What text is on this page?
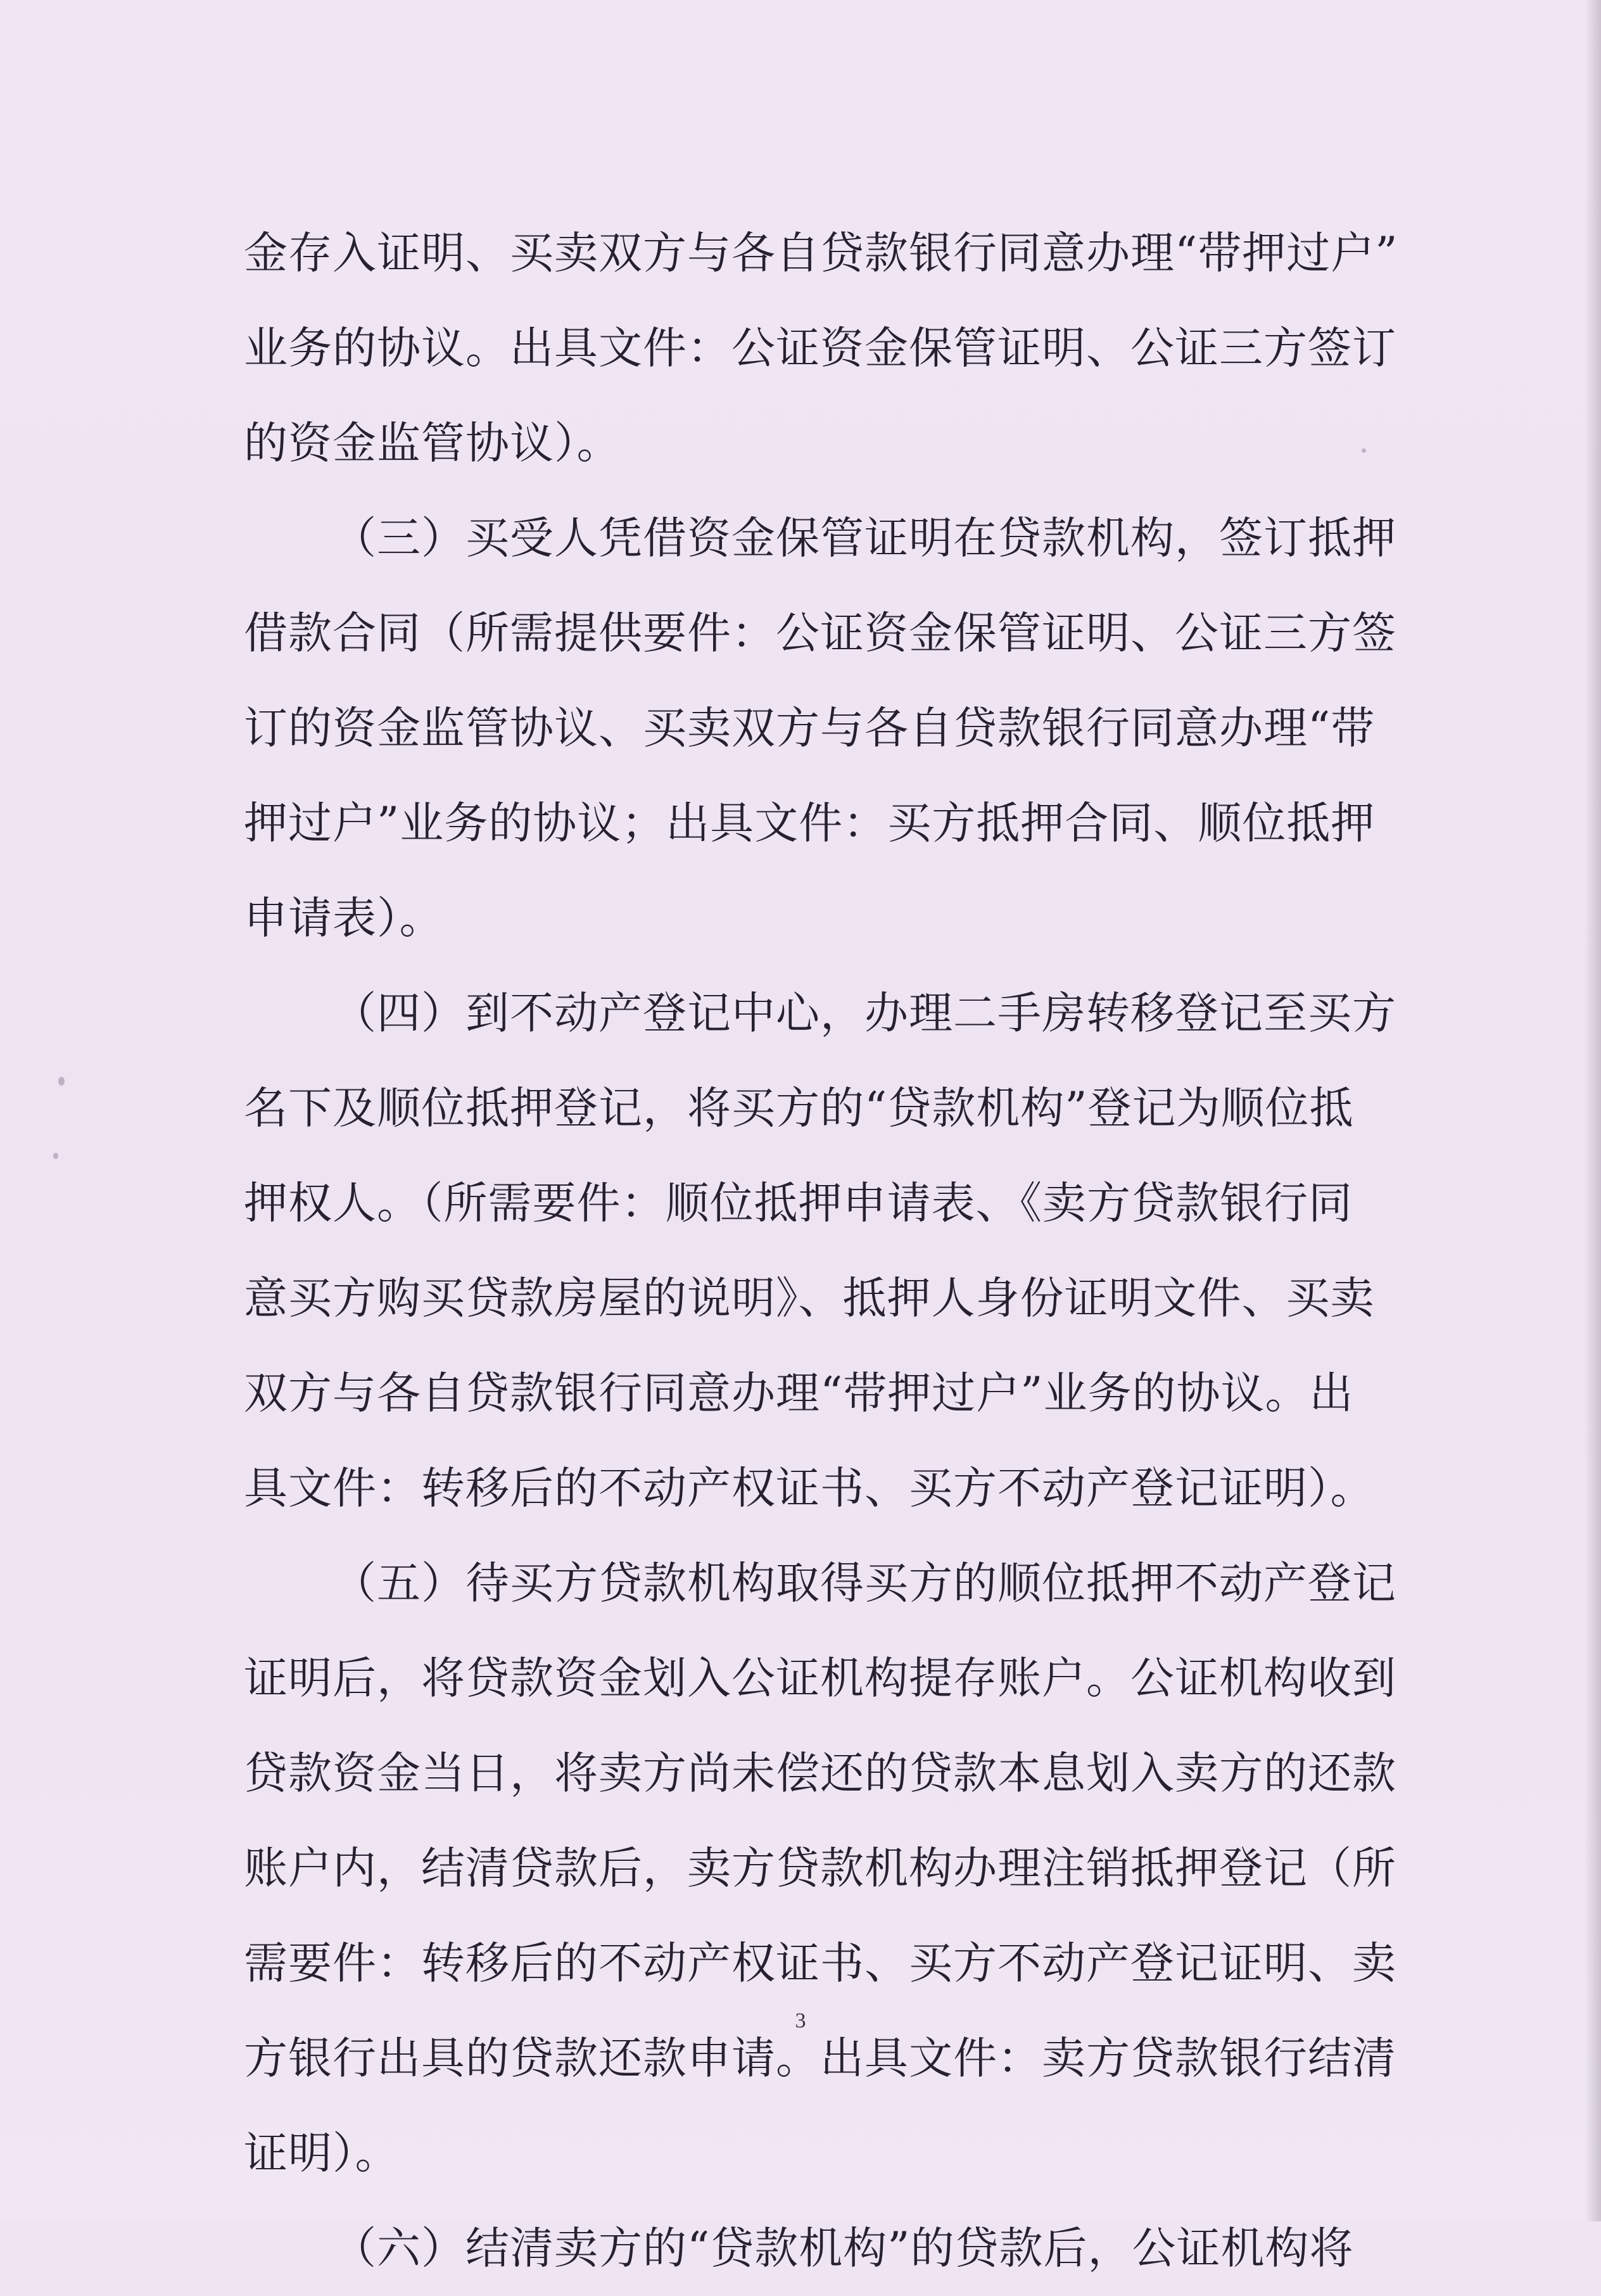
金存入证明、买卖双方与各自贷款银行同意办理“带押过户”
业务的协议。出具文件：公证资金保管证明、公证三方签订
的资金监管协议）。
（三）买受人凭借资金保管证明在贷款机构，签订抵押
借款合同（所需提供要件：公证资金保管证明、公证三方签
订的资金监管协议、买卖双方与各自贷款银行同意办理“带
押过户”业务的协议；出具文件：买方抵押合同、顺位抵押
申请表）。
（四）到不动产登记中心，办理二手房转移登记至买方
名下及顺位抵押登记，将买方的“贷款机构”登记为顺位抵
押权人。（所需要件：顺位抵押申请表、《卖方贷款银行同
意买方购买贷款房屋的说明》、抵押人身份证明文件、买卖
双方与各自贷款银行同意办理“带押过户”业务的协议。出
具文件：转移后的不动产权证书、买方不动产登记证明）。
（五）待买方贷款机构取得买方的顺位抵押不动产登记
证明后，将贷款资金划入公证机构提存账户。公证机构收到
贷款资金当日，将卖方尚未偿还的贷款本息划入卖方的还款
账户内，结清贷款后，卖方贷款机构办理注销抵押登记（所
需要件：转移后的不动产权证书、买方不动产登记证明、卖
方银行出具的贷款还款申请。出具文件：卖方贷款银行结清
证明）。
（六）结清卖方的“贷款机构”的贷款后，公证机构将
3
